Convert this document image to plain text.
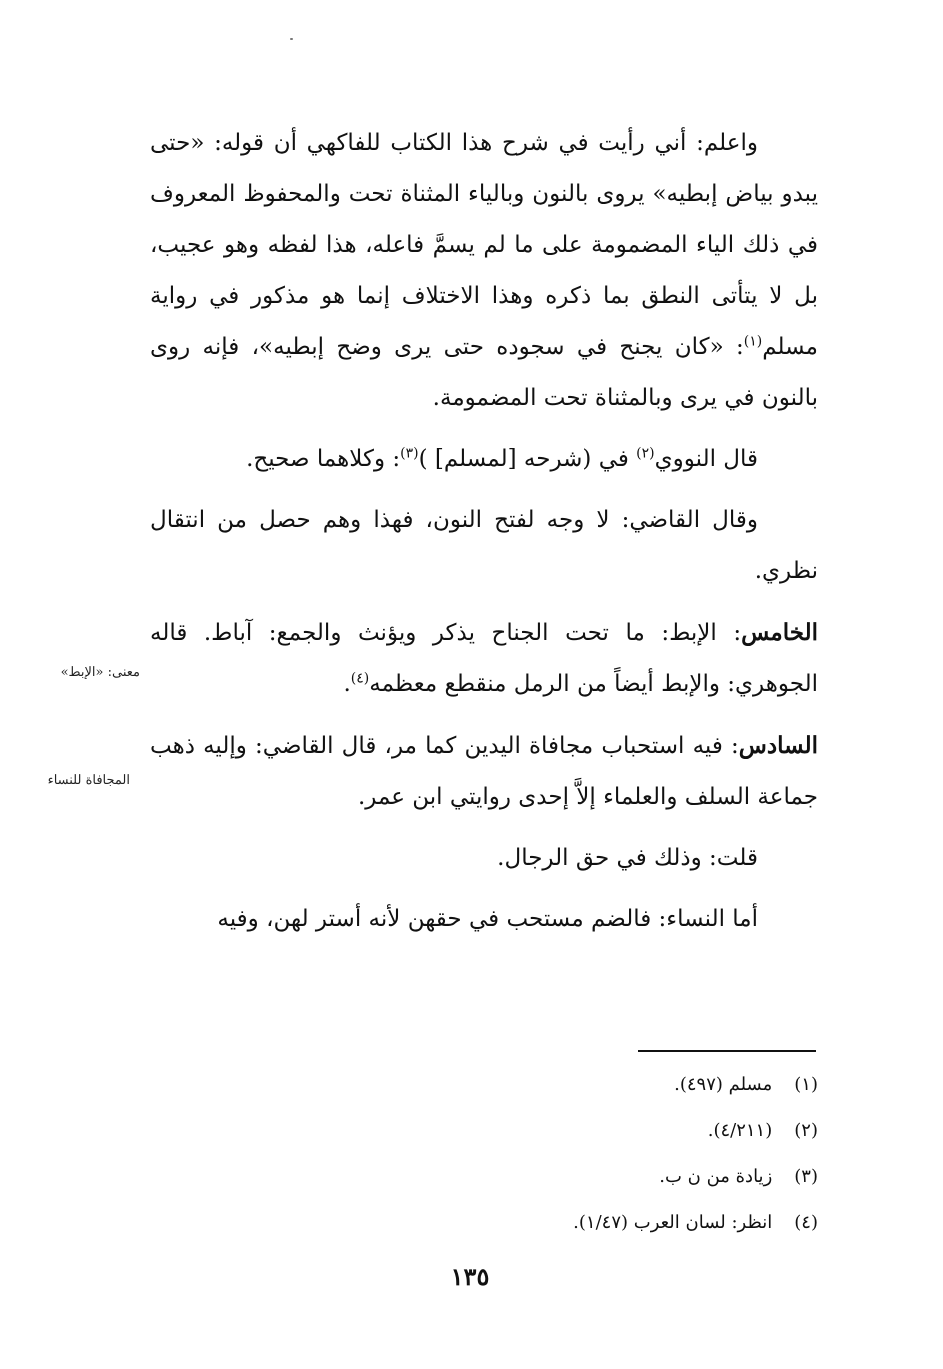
واعلم: أني رأيت في شرح هذا الكتاب للفاكهي أن قوله: «حتى يبدو بياض إبطيه» يروى بالنون وبالياء المثناة تحت والمحفوظ المعروف في ذلك الياء المضمومة على ما لم يسمَّ فاعله، هذا لفظه وهو عجيب، بل لا يتأتى النطق بما ذكره وهذا الاختلاف إنما هو مذكور في رواية مسلم$^{(١)}$: «كان يجنح في سجوده حتى يرى وضح إبطيه»، فإنه روى بالنون في يرى وبالمثناة تحت المضمومة.

قال النووي$^{(٢)}$ في (شرحه [لمسلم] )$^{(٣)}$: وكلاهما صحيح.

وقال القاضي: لا وجه لفتح النون، فهذا وهم حصل من انتقال نظري.

الخامس: الإبط: ما تحت الجناح يذكر ويؤنث والجمع: آباط. قاله الجوهري: والإبط أيضاً من الرمل منقطع معظمه$^{(٤)}$.

السادس: فيه استحباب مجافاة اليدين كما مر، قال القاضي: وإليه ذهب جماعة السلف والعلماء إلاَّ إحدى روايتي ابن عمر.

قلت: وذلك في حق الرجال.

أما النساء: فالضم مستحب في حقهن لأنه أستر لهن، وفيه

معنى: «الإبط»
المجافاة للنساء
(١) مسلم (٤٩٧).
(٢) (٤/٢١١).
(٣) زيادة من ن ب.
(٤) انظر: لسان العرب (١/٤٧).
١٣٥
